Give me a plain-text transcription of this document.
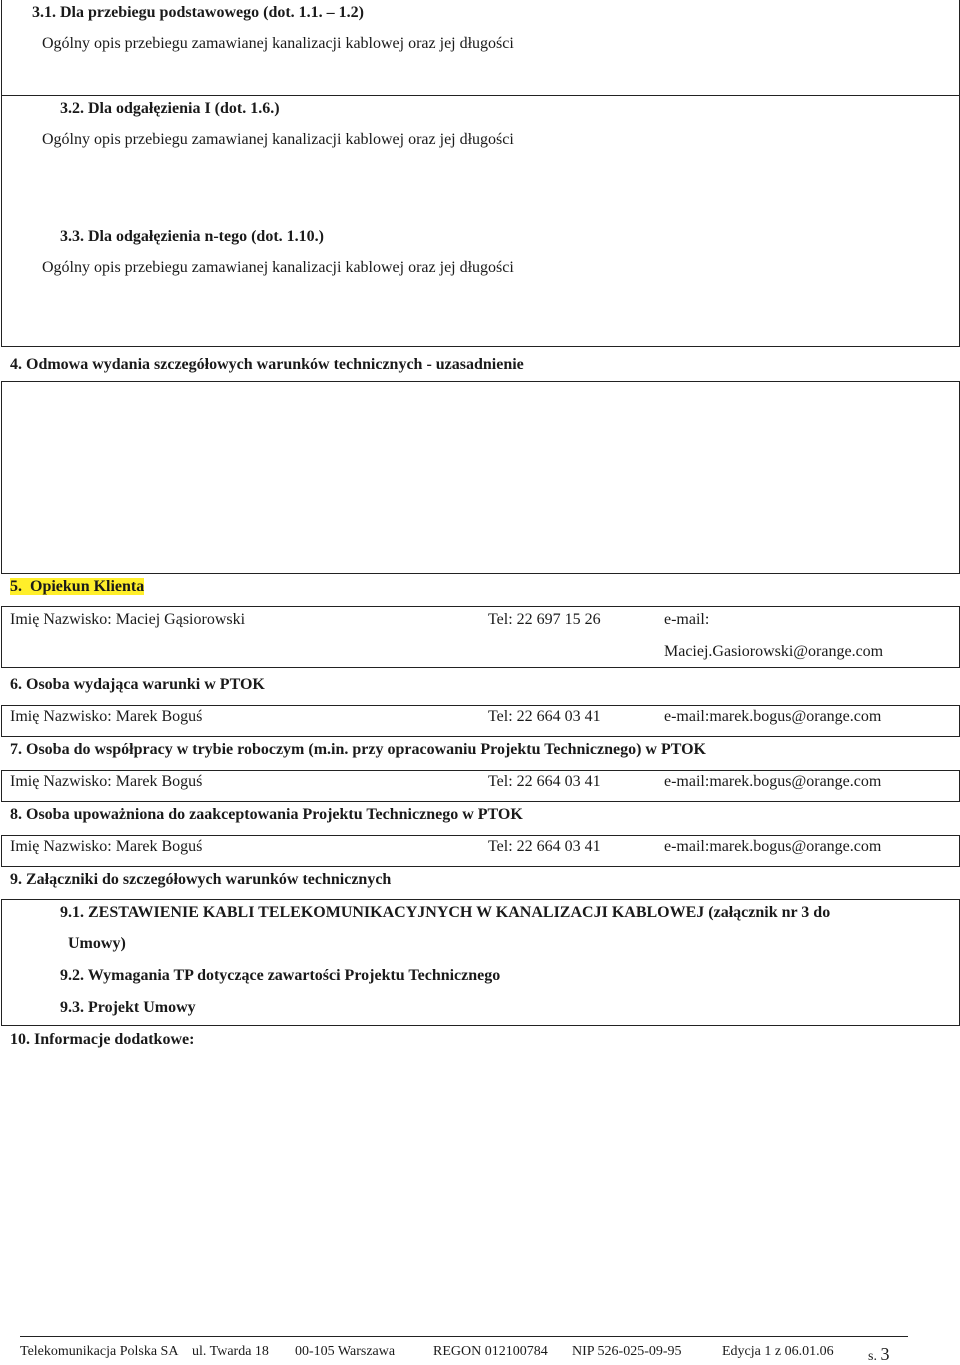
3.1. Dla przebiegu podstawowego (dot. 1.1. – 1.2)
Ogólny opis przebiegu zamawianej kanalizacji kablowej oraz jej długości
3.2. Dla odgałęzienia I (dot. 1.6.)
Ogólny opis przebiegu zamawianej kanalizacji kablowej oraz jej długości
3.3. Dla odgałęzienia n-tego (dot. 1.10.)
Ogólny opis przebiegu zamawianej kanalizacji kablowej oraz jej długości
4. Odmowa wydania szczegółowych warunków technicznych - uzasadnienie
5. Opiekun Klienta
Imię Nazwisko: Maciej Gąsiorowski	Tel: 22 697 15 26	e-mail:
Maciej.Gasiorowski@orange.com
6. Osoba wydająca warunki w PTOK
Imię Nazwisko: Marek Boguś	Tel: 22 664 03 41	e-mail:marek.bogus@orange.com
7. Osoba do współpracy w trybie roboczym (m.in. przy opracowaniu Projektu Technicznego) w PTOK
Imię Nazwisko: Marek Boguś	Tel: 22 664 03 41	e-mail:marek.bogus@orange.com
8. Osoba upoważniona do zaakceptowania Projektu Technicznego w PTOK
Imię Nazwisko: Marek Boguś	Tel: 22 664 03 41	e-mail:marek.bogus@orange.com
9. Załączniki do szczegółowych warunków technicznych
9.1. ZESTAWIENIE KABLI TELEKOMUNIKACYJNYCH W KANALIZACJI KABLOWEJ (załącznik nr 3 do
Umowy)
9.2. Wymagania TP dotyczące zawartości Projektu Technicznego
9.3. Projekt Umowy
10. Informacje dodatkowe:
Telekomunikacja Polska SA ul. Twarda 18 00-105 Warszawa	REGON 012100784 NIP 526-025-09-95	Edycja 1 z 06.01.06 s. 3
